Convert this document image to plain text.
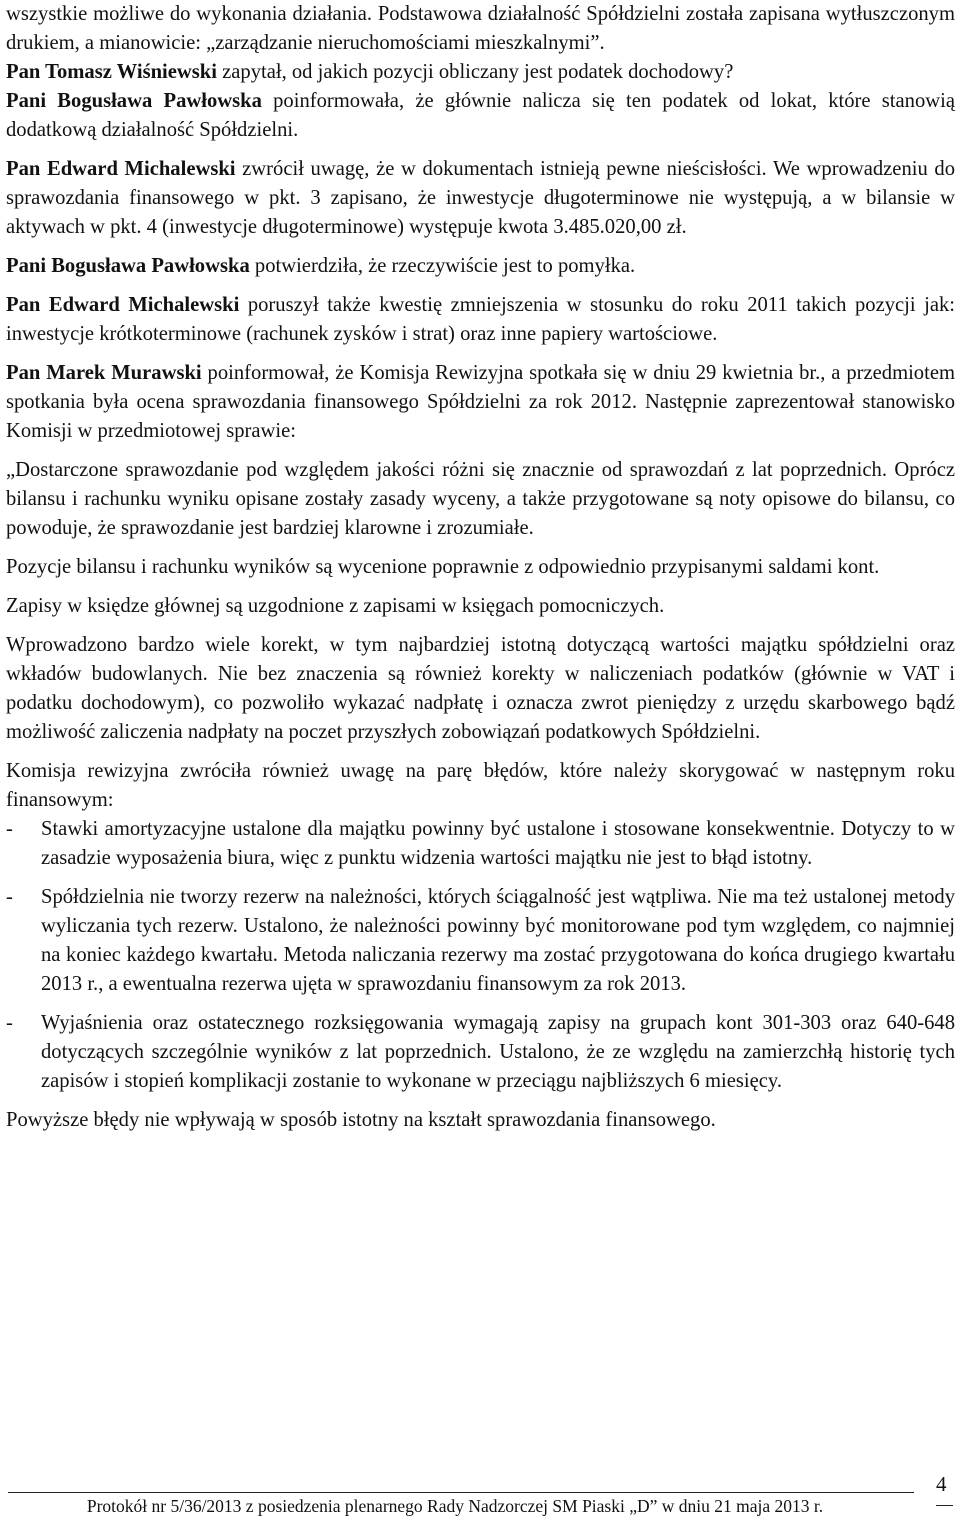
wszystkie możliwe do wykonania działania. Podstawowa działalność Spółdzielni została zapisana wytłuszczonym drukiem, a mianowicie: „zarządzanie nieruchomościami mieszkalnymi”.

Pan Tomasz Wiśniewski zapytał, od jakich pozycji obliczany jest podatek dochodowy?

Pani Bogusława Pawłowska poinformowała, że głównie nalicza się ten podatek od lokat, które stanowią dodatkową działalność Spółdzielni.

Pan Edward Michalewski zwrócił uwagę, że w dokumentach istnieją pewne nieścisłości. We wprowadzeniu do sprawozdania finansowego w pkt. 3 zapisano, że inwestycje długoterminowe nie występują, a w bilansie w aktywach w pkt. 4 (inwestycje długoterminowe) występuje kwota 3.485.020,00 zł.

Pani Bogusława Pawłowska potwierdziła, że rzeczywiście jest to pomyłka.

Pan Edward Michalewski poruszył także kwestię zmniejszenia w stosunku do roku 2011 takich pozycji jak: inwestycje krótkoterminowe (rachunek zysków i strat) oraz inne papiery wartościowe.

Pan Marek Murawski poinformował, że Komisja Rewizyjna spotkała się w dniu 29 kwietnia br., a przedmiotem spotkania była ocena sprawozdania finansowego Spółdzielni za rok 2012. Następnie zaprezentował stanowisko Komisji w przedmiotowej sprawie:

„Dostarczone sprawozdanie pod względem jakości różni się znacznie od sprawozdań z lat poprzednich. Oprócz bilansu i rachunku wyniku opisane zostały zasady wyceny, a także przygotowane są noty opisowe do bilansu, co powoduje, że sprawozdanie jest bardziej klarowne i zrozumiałe.

Pozycje bilansu i rachunku wyników są wycenione poprawnie z odpowiednio przypisanymi saldami kont.

Zapisy w księdze głównej są uzgodnione z zapisami w księgach pomocniczych.

Wprowadzono bardzo wiele korekt, w tym najbardziej istotną dotyczącą wartości majątku spółdzielni oraz wkładów budowlanych. Nie bez znaczenia są również korekty w naliczeniach podatków (głównie w VAT i podatku dochodowym), co pozwoliło wykazać nadpłatę i oznacza zwrot pieniędzy z urzędu skarbowego bądź możliwość zaliczenia nadpłaty na poczet przyszłych zobowiązań podatkowych Spółdzielni.

Komisja rewizyjna zwróciła również uwagę na parę błędów, które należy skorygować w następnym roku finansowym:

-	Stawki amortyzacyjne ustalone dla majątku powinny być ustalone i stosowane konsekwentnie. Dotyczy to w zasadzie wyposażenia biura, więc z punktu widzenia wartości majątku nie jest to błąd istotny.
-	Spółdzielnia nie tworzy rezerw na należności, których ściągalność jest wątpliwa. Nie ma też ustalonej metody wyliczania tych rezerw. Ustalono, że należności powinny być monitorowane pod tym względem, co najmniej na koniec każdego kwartału. Metoda naliczania rezerwy ma zostać przygotowana do końca drugiego kwartału 2013 r., a ewentualna rezerwa ujęta w sprawozdaniu finansowym za rok 2013.
-	Wyjaśnienia oraz ostatecznego rozksięgowania wymagają zapisy na grupach kont 301-303 oraz 640-648 dotyczących szczególnie wyników z lat poprzednich. Ustalono, że ze względu na zamierzchłą historię tych zapisów i stopień komplikacji zostanie to wykonane w przeciągu najbliższych 6 miesięcy.

Powyższe błędy nie wpływają w sposób istotny na kształt sprawozdania finansowego.

4
Protokół nr 5/36/2013 z posiedzenia plenarnego Rady Nadzorczej SM Piaski „D” w dniu 21 maja 2013 r.
